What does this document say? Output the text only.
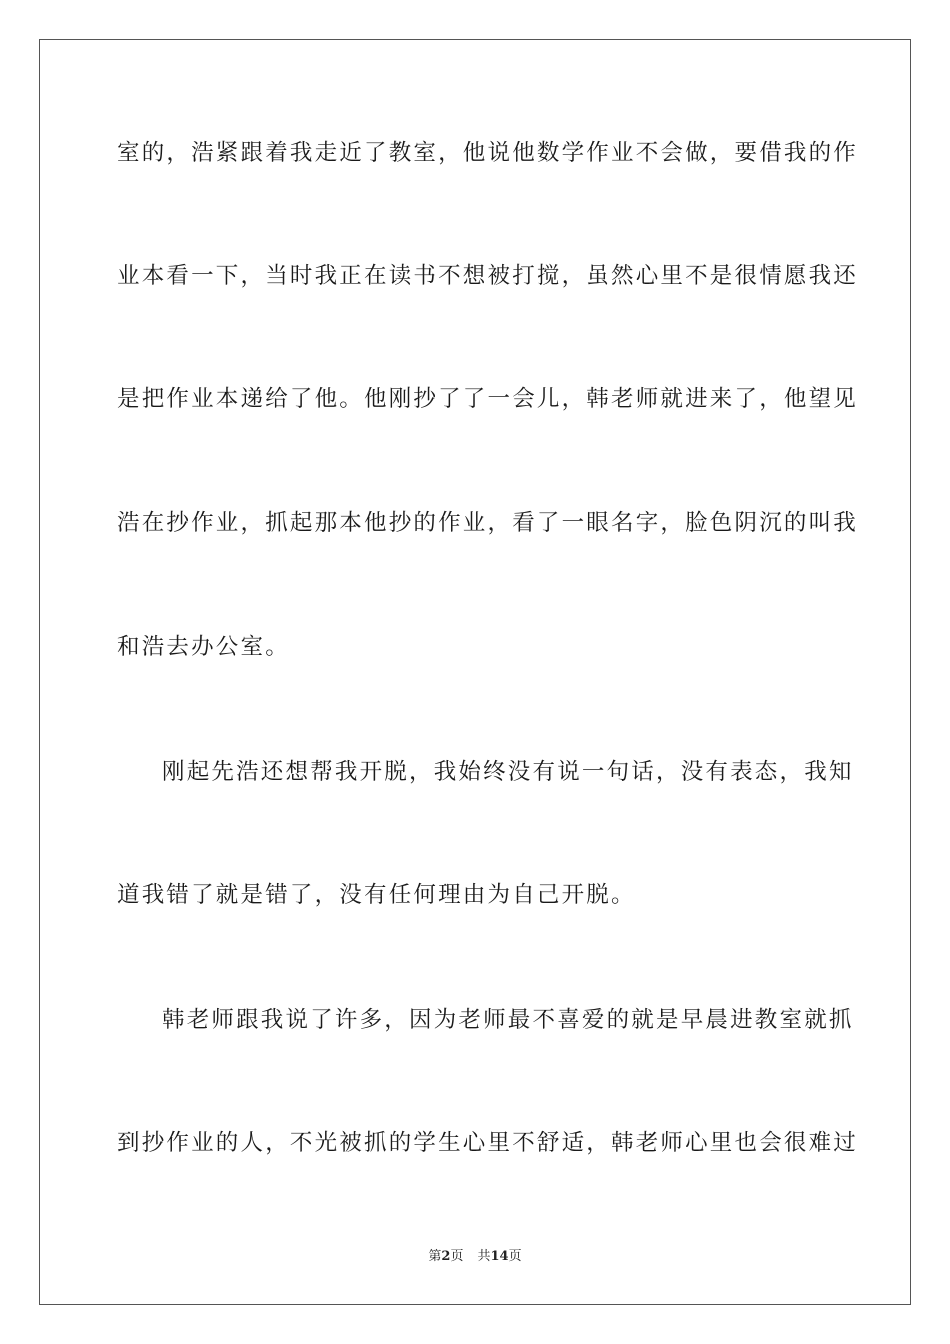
室的，浩紧跟着我走近了教室，他说他数学作业不会做，要借我的作
业本看一下，当时我正在读书不想被打搅，虽然心里不是很情愿我还
是把作业本递给了他。他刚抄了了一会儿，韩老师就进来了，他望见
浩在抄作业，抓起那本他抄的作业，看了一眼名字，脸色阴沉的叫我
和浩去办公室。
刚起先浩还想帮我开脱，我始终没有说一句话，没有表态，我知
道我错了就是错了，没有任何理由为自己开脱。
韩老师跟我说了许多，因为老师最不喜爱的就是早晨进教室就抓
到抄作业的人，不光被抓的学生心里不舒适，韩老师心里也会很难过
第2页 共14页
